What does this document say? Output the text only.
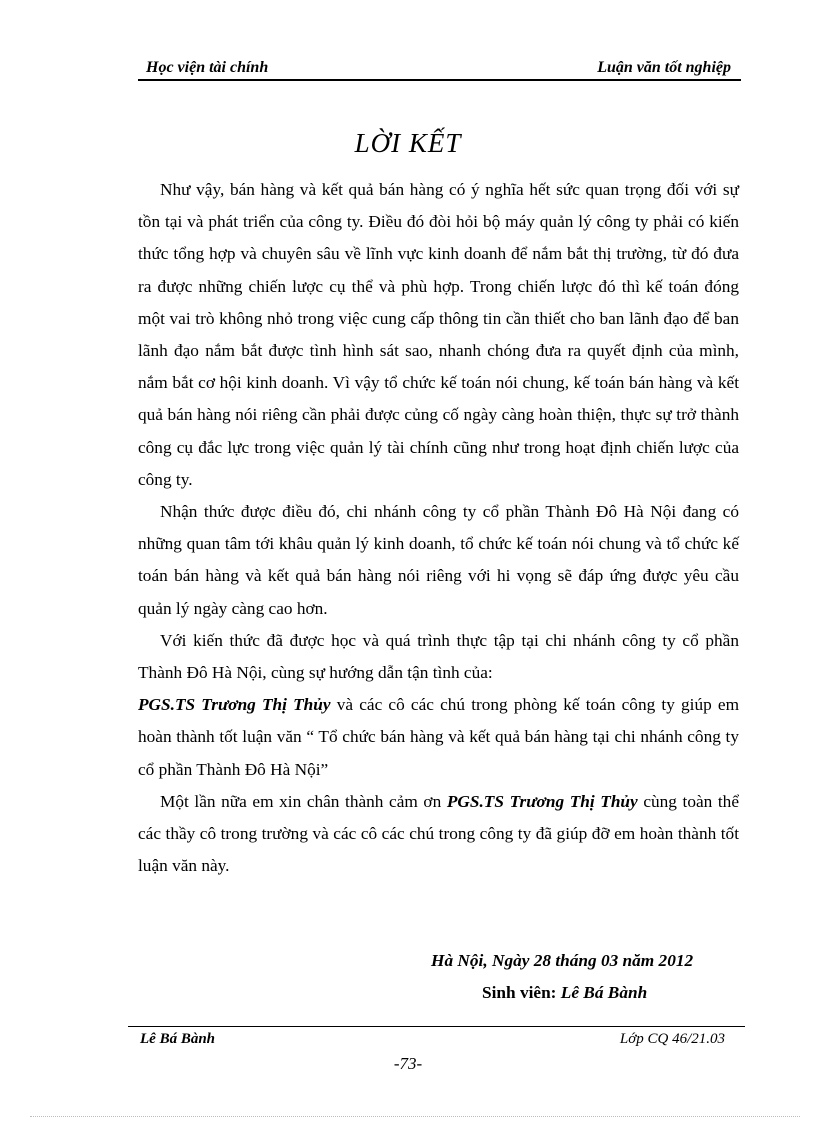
Học viện tài chính	Luận văn tốt nghiệp
LỜI KẾT

Như vậy, bán hàng và kết quả bán hàng có ý nghĩa hết sức quan trọng đối với sự tồn tại và phát triển của công ty. Điều đó đòi hỏi bộ máy quản lý công ty phải có kiến thức tổng hợp và chuyên sâu về lĩnh vực kinh doanh để nắm bắt thị trường, từ đó đưa ra được những chiến lược cụ thể và phù hợp. Trong chiến lược đó thì kế toán đóng một vai trò không nhỏ trong việc cung cấp thông tin cần thiết cho ban lãnh đạo để ban lãnh đạo nắm bắt được tình hình sát sao, nhanh chóng đưa ra quyết định của mình, nắm bắt cơ hội kinh doanh. Vì vậy tổ chức kế toán nói chung, kế toán bán hàng và kết quả bán hàng nói riêng cần phải được củng cố ngày càng hoàn thiện, thực sự trở thành công cụ đắc lực trong việc quản lý tài chính cũng như trong hoạt định chiến lược của công ty.

Nhận thức được điều đó, chi nhánh công ty cổ phần Thành Đô Hà Nội đang có những quan tâm tới khâu quản lý kinh doanh, tổ chức kế toán nói chung và tổ chức kế toán bán hàng và kết quả bán hàng nói riêng với hi vọng sẽ đáp ứng được yêu cầu quản lý ngày càng cao hơn.

Với kiến thức đã được học và quá trình thực tập tại chi nhánh công ty cổ phần Thành Đô Hà Nội, cùng sự hướng dẫn tận tình của:

PGS.TS Trương Thị Thủy và các cô các chú trong phòng kế toán công ty giúp em hoàn thành tốt luận văn “ Tổ chức bán hàng và kết quả bán hàng tại chi nhánh công ty cổ phần Thành Đô Hà Nội”

Một lần nữa em xin chân thành cảm ơn PGS.TS Trương Thị Thủy cùng toàn thể các thầy cô trong trường và các cô các chú trong công ty đã giúp đỡ em hoàn thành tốt luận văn này.

Hà Nội, Ngày 28 tháng 03 năm 2012
Sinh viên: Lê Bá Bành
Lê Bá Bành	Lớp CQ 46/21.03
-73-
